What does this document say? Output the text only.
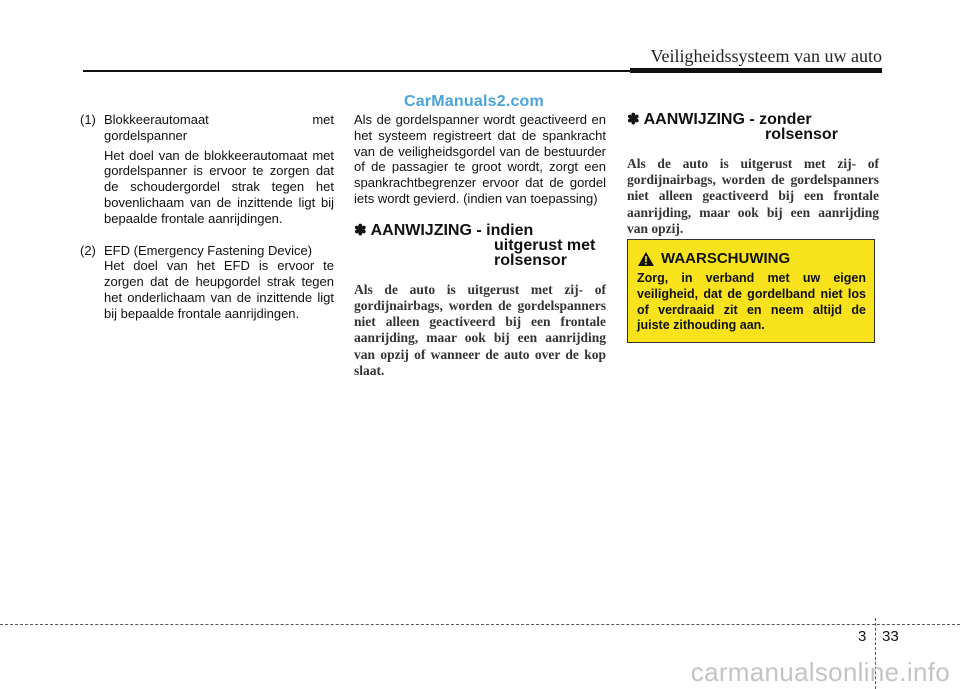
Veiligheidssysteem van uw auto
CarManuals2.com
(1) Blokkeerautomaat	met
gordelspanner
Het doel van de blokkeerautomaat met gordelspanner is ervoor te zorgen dat de schoudergordel strak tegen het bovenlichaam van de inzittende ligt bij bepaalde frontale aanrijdingen.
(2) EFD (Emergency Fastening Device)
Het doel van het EFD is ervoor te zorgen dat de heupgordel strak tegen het onderlichaam van de inzittende ligt bij bepaalde frontale aanrijdingen.
Als de gordelspanner wordt geactiveerd en het systeem registreert dat de spankracht van de veiligheidsgordel van de bestuurder of de passagier te groot wordt, zorgt een spankrachtbegrenzer ervoor dat de gordel iets wordt gevierd. (indien van toepassing)
✽ AANWIJZING - indien
uitgerust met
rolsensor
Als de auto is uitgerust met zij- of gordijnairbags, worden de gordelspanners niet alleen geactiveerd bij een frontale aanrijding, maar ook bij een aanrijding van opzij of wanneer de auto over de kop slaat.
✽ AANWIJZING - zonder
rolsensor
Als de auto is uitgerust met zij- of gordijnairbags, worden de gordelspanners niet alleen geactiveerd bij een frontale aanrijding, maar ook bij een aanrijding van opzij.
WAARSCHUWING
Zorg, in verband met uw eigen veiligheid, dat de gordelband niet los of verdraaid zit en neem altijd de juiste zithouding aan.
3 33
carmanualsonline.info
